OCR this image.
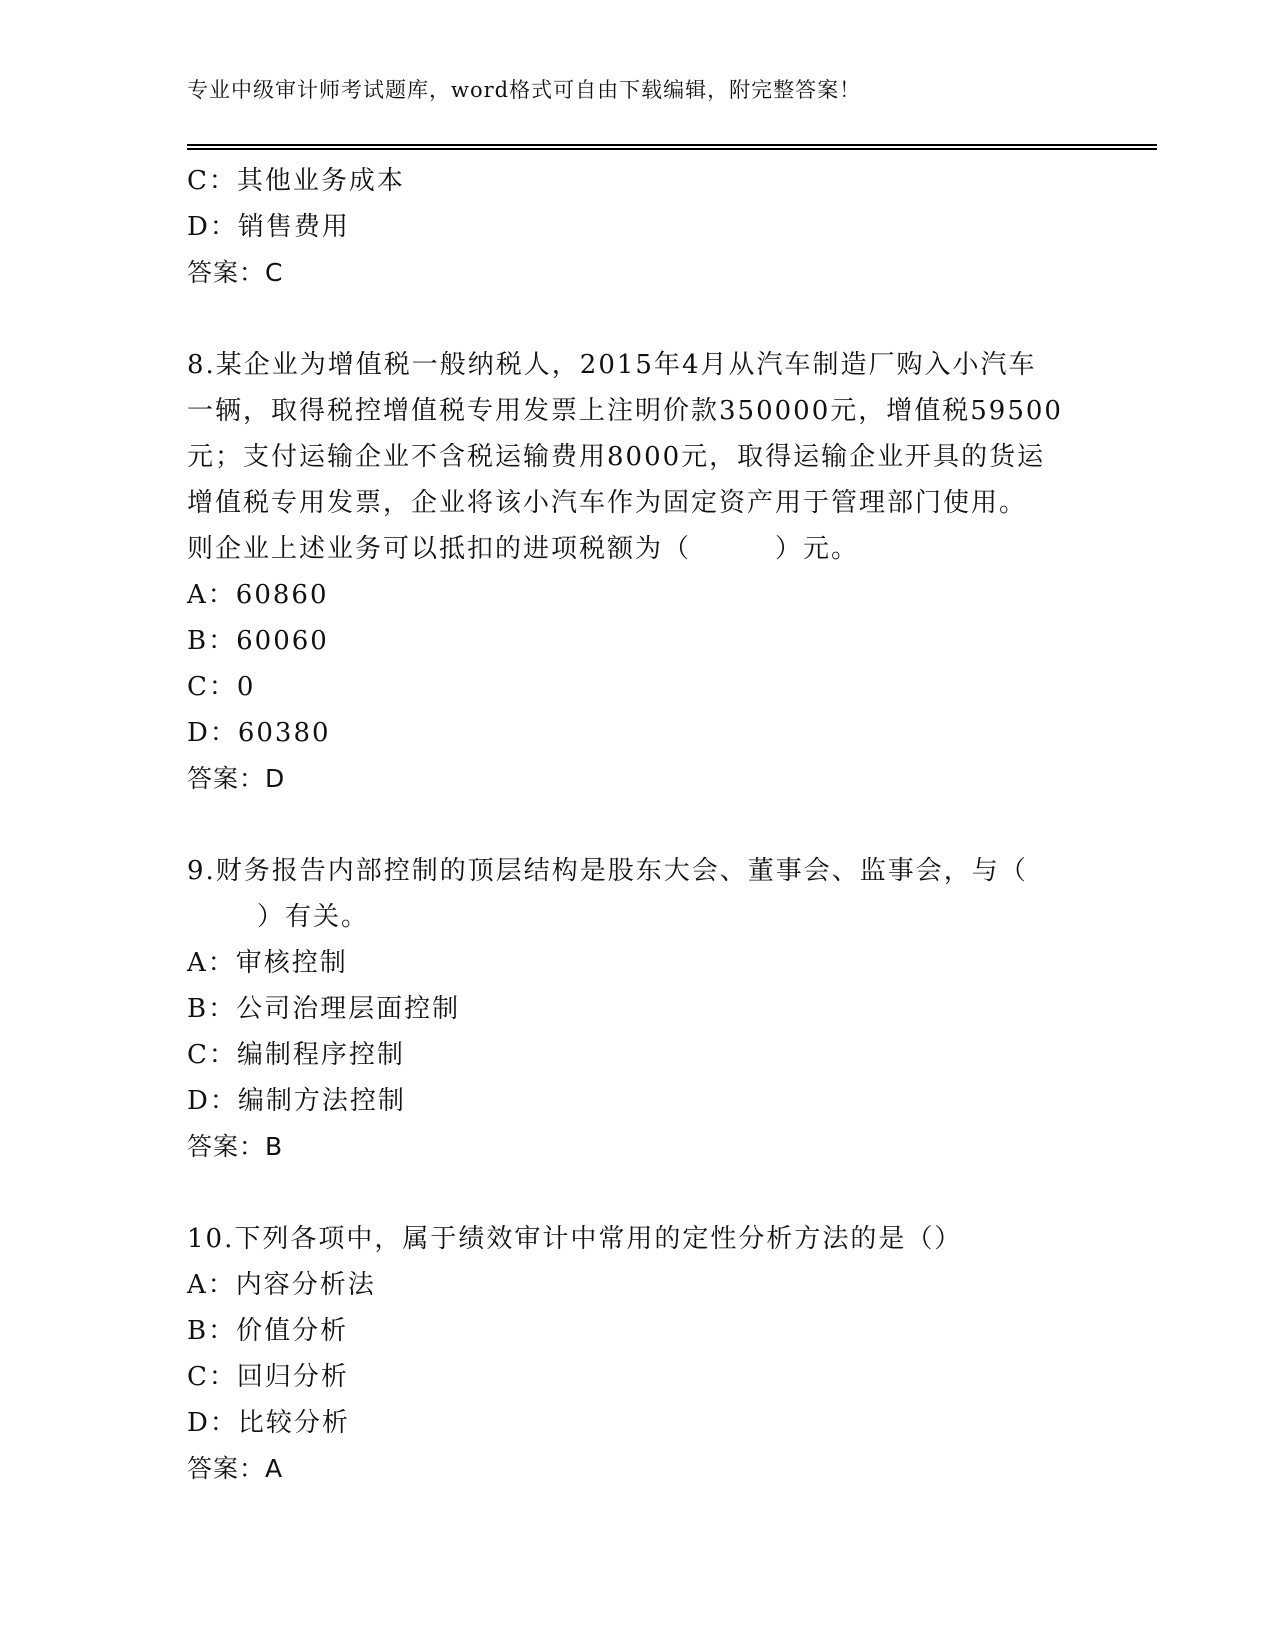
专业中级审计师考试题库，word格式可自由下载编辑，附完整答案！
C：其他业务成本
D：销售费用
答案：C
8.某企业为增值税一般纳税人，2015年4月从汽车制造厂购入小汽车
一辆，取得税控增值税专用发票上注明价款350000元，增值税59500
元；支付运输企业不含税运输费用8000元，取得运输企业开具的货运
增值税专用发票，企业将该小汽车作为固定资产用于管理部门使用。
则企业上述业务可以抵扣的进项税额为（　　　）元。
A：60860
B：60060
C：0
D：60380
答案：D
9.财务报告内部控制的顶层结构是股东大会、董事会、监事会，与（
）有关。
A：审核控制
B：公司治理层面控制
C：编制程序控制
D：编制方法控制
答案：B
10.下列各项中，属于绩效审计中常用的定性分析方法的是（）
A：内容分析法
B：价值分析
C：回归分析
D：比较分析
答案：A
